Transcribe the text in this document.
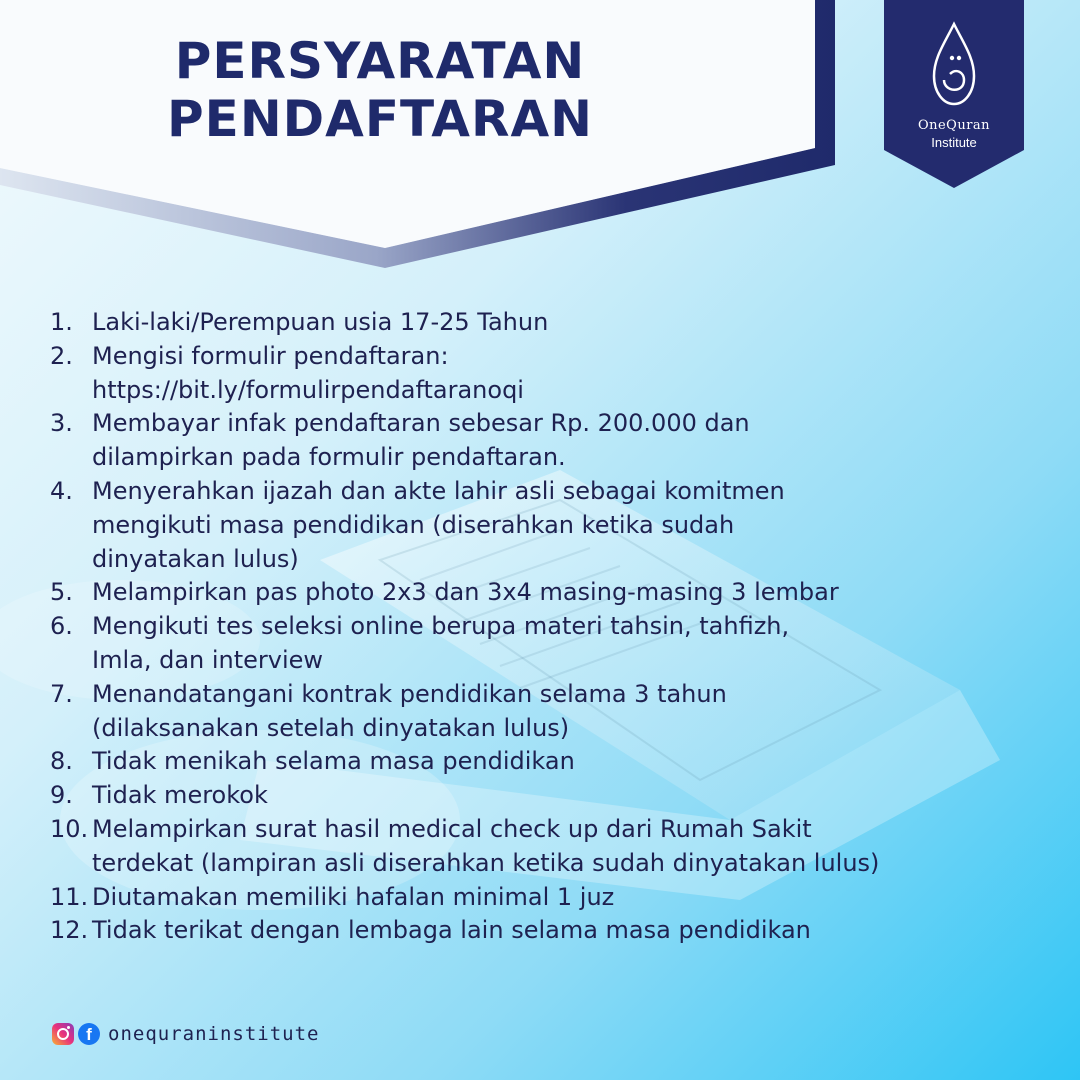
PERSYARATAN
PENDAFTARAN	OneQuran
Institute
1. Laki-laki/Perempuan usia 17-25 Tahun
2. Mengisi formulir pendaftaran:
https://bit.ly/formulirpendaftaranoqi
3. Membayar infak pendaftaran sebesar Rp. 200.000 dan
dilampirkan pada formulir pendaftaran.
4. Menyerahkan ijazah dan akte lahir asli sebagai komitmen
mengikuti masa pendidikan (diserahkan ketika sudah
dinyatakan lulus)
5. Melampirkan pas photo 2x3 dan 3x4 masing-masing 3 lembar
6. Mengikuti tes seleksi online berupa materi tahsin, tahfizh,
Imla, dan interview
7. Menandatangani kontrak pendidikan selama 3 tahun
(dilaksanakan setelah dinyatakan lulus)
8. Tidak menikah selama masa pendidikan
9. Tidak merokok
10. Melampirkan surat hasil medical check up dari Rumah Sakit
terdekat (lampiran asli diserahkan ketika sudah dinyatakan lulus)
11. Diutamakan memiliki hafalan minimal 1 juz
12. Tidak terikat dengan lembaga lain selama masa pendidikan
f onequraninstitute
